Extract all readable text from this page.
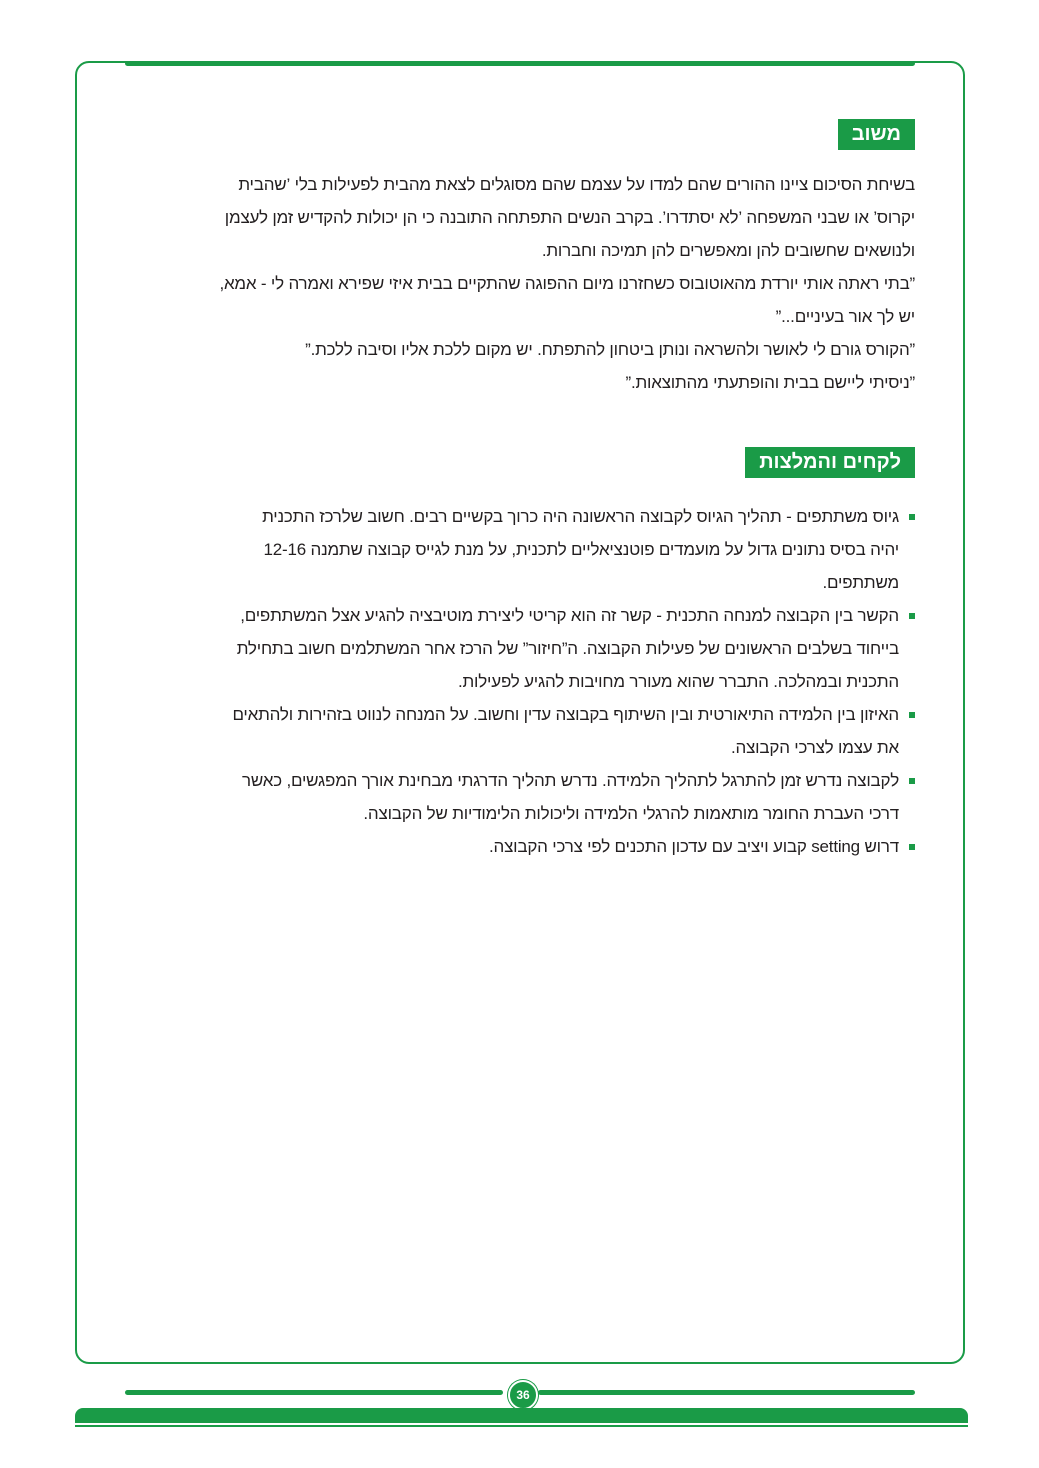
משוב

בשיחת הסיכום ציינו ההורים שהם למדו על עצמם שהם מסוגלים לצאת מהבית לפעילות בלי ’שהבית

יקרוס’ או שבני המשפחה ’לא יסתדרו’. בקרב הנשים התפתחה התובנה כי הן יכולות להקדיש זמן לעצמן

ולנושאים שחשובים להן ומאפשרים להן תמיכה וחברות.

”בתי ראתה אותי יורדת מהאוטובוס כשחזרנו מיום ההפוגה שהתקיים בבית איזי שפירא ואמרה לי - אמא,

יש לך אור בעיניים...”

”הקורס גורם לי לאושר ולהשראה ונותן ביטחון להתפתח. יש מקום ללכת אליו וסיבה ללכת.”

”ניסיתי ליישם בבית והופתעתי מהתוצאות.”

לקחים והמלצות
גיוס משתתפים - תהליך הגיוס לקבוצה הראשונה היה כרוך בקשיים רבים. חשוב שלרכז התכנית
יהיה בסיס נתונים גדול על מועמדים פוטנציאליים לתכנית, על מנת לגייס קבוצה שתמנה 12-16
משתתפים.
הקשר בין הקבוצה למנחה התכנית - קשר זה הוא קריטי ליצירת מוטיבציה להגיע אצל המשתתפים,
בייחוד בשלבים הראשונים של פעילות הקבוצה. ה”חיזור” של הרכז אחר המשתלמים חשוב בתחילת
התכנית ובמהלכה. התברר שהוא מעורר מחויבות להגיע לפעילות.
האיזון בין הלמידה התיאורטית ובין השיתוף בקבוצה עדין וחשוב. על המנחה לנווט בזהירות ולהתאים
את עצמו לצרכי הקבוצה.
לקבוצה נדרש זמן להתרגל לתהליך הלמידה. נדרש תהליך הדרגתי מבחינת אורך המפגשים, כאשר
דרכי העברת החומר מותאמות להרגלי הלמידה וליכולות הלימודיות של הקבוצה.
דרוש setting קבוע ויציב עם עדכון התכנים לפי צרכי הקבוצה.
36
